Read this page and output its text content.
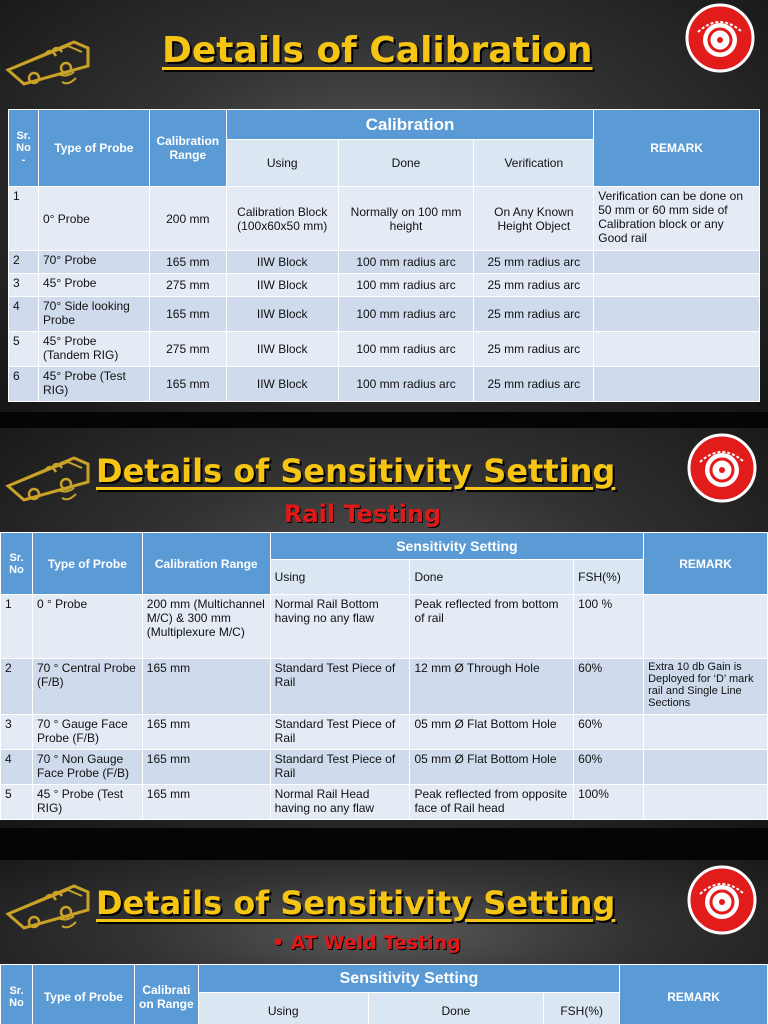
Details of Calibration
Sr. No -	Type of Probe	Calibration Range	Calibration			REMARK
			Using	Done	Verification	
1	0° Probe	200 mm	Calibration Block (100x60x50 mm)	Normally on 100 mm height	On Any Known Height Object	Verification can be done on 50 mm or 60 mm side of Calibration block or any Good rail
2	70° Probe	165 mm	IIW Block	100 mm radius arc	25 mm radius arc	
3	45° Probe	275 mm	IIW Block	100 mm radius arc	25 mm radius arc	
4	70° Side looking Probe	165 mm	IIW Block	100 mm radius arc	25 mm radius arc	
5	45° Probe (Tandem RIG)	275 mm	IIW Block	100 mm radius arc	25 mm radius arc	
6	45° Probe (Test RIG)	165 mm	IIW Block	100 mm radius arc	25 mm radius arc	
Details of Sensitivity Setting
Rail Testing
Sr. No	Type of Probe	Calibration Range	Sensitivity Setting			REMARK
			Using	Done	FSH(%)	
1	0 ° Probe	200 mm (Multichannel M/C) & 300 mm (Multiplexure M/C)	Normal Rail Bottom having no any flaw	Peak reflected from bottom of rail	100 %	
2	70 ° Central Probe (F/B)	165 mm	Standard Test Piece of Rail	12 mm Ø Through Hole	60%	Extra 10 db Gain is Deployed for ‘D’ mark rail and Single Line Sections
3	70 ° Gauge Face Probe (F/B)	165 mm	Standard Test Piece of Rail	05 mm Ø Flat Bottom Hole	60%	
4	70 ° Non Gauge Face Probe (F/B)	165 mm	Standard Test Piece of Rail	05 mm Ø Flat Bottom Hole	60%	
5	45 ° Probe (Test RIG)	165 mm	Normal Rail Head having no any flaw	Peak reflected from opposite face of Rail head	100%	
Details of Sensitivity Setting
• AT Weld Testing
Sr. No	Type of Probe	Calibrati on Range	Sensitivity Setting			REMARK
			Using	Done	FSH(%)	
